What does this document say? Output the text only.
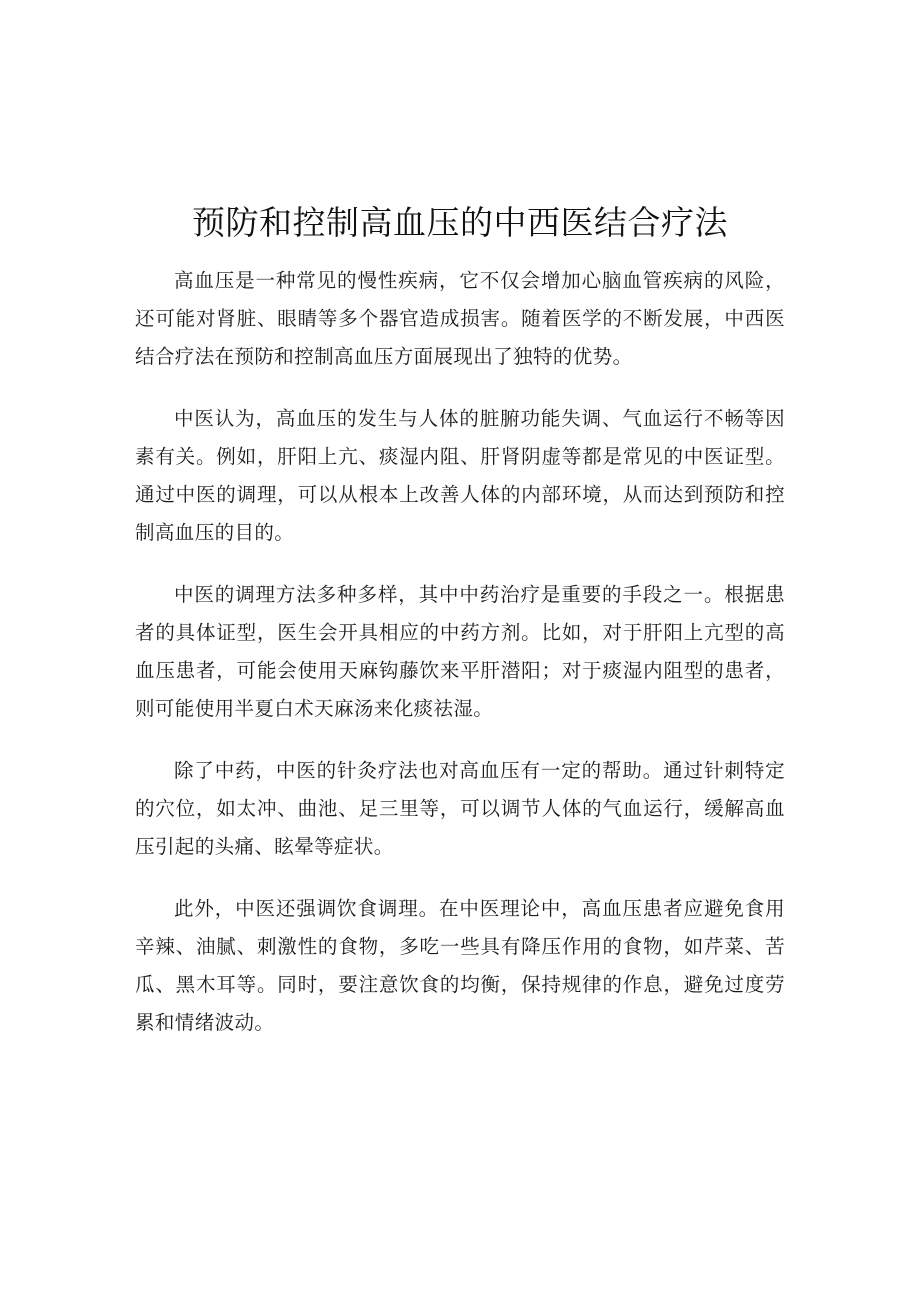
预防和控制高血压的中西医结合疗法

高血压是一种常见的慢性疾病，它不仅会增加心脑血管疾病的风险，还可能对肾脏、眼睛等多个器官造成损害。随着医学的不断发展，中西医结合疗法在预防和控制高血压方面展现出了独特的优势。

中医认为，高血压的发生与人体的脏腑功能失调、气血运行不畅等因素有关。例如，肝阳上亢、痰湿内阻、肝肾阴虚等都是常见的中医证型。通过中医的调理，可以从根本上改善人体的内部环境，从而达到预防和控制高血压的目的。

中医的调理方法多种多样，其中中药治疗是重要的手段之一。根据患者的具体证型，医生会开具相应的中药方剂。比如，对于肝阳上亢型的高血压患者，可能会使用天麻钩藤饮来平肝潜阳；对于痰湿内阻型的患者，则可能使用半夏白术天麻汤来化痰祛湿。

除了中药，中医的针灸疗法也对高血压有一定的帮助。通过针刺特定的穴位，如太冲、曲池、足三里等，可以调节人体的气血运行，缓解高血压引起的头痛、眩晕等症状。

此外，中医还强调饮食调理。在中医理论中，高血压患者应避免食用辛辣、油腻、刺激性的食物，多吃一些具有降压作用的食物，如芹菜、苦瓜、黑木耳等。同时，要注意饮食的均衡，保持规律的作息，避免过度劳累和情绪波动。
